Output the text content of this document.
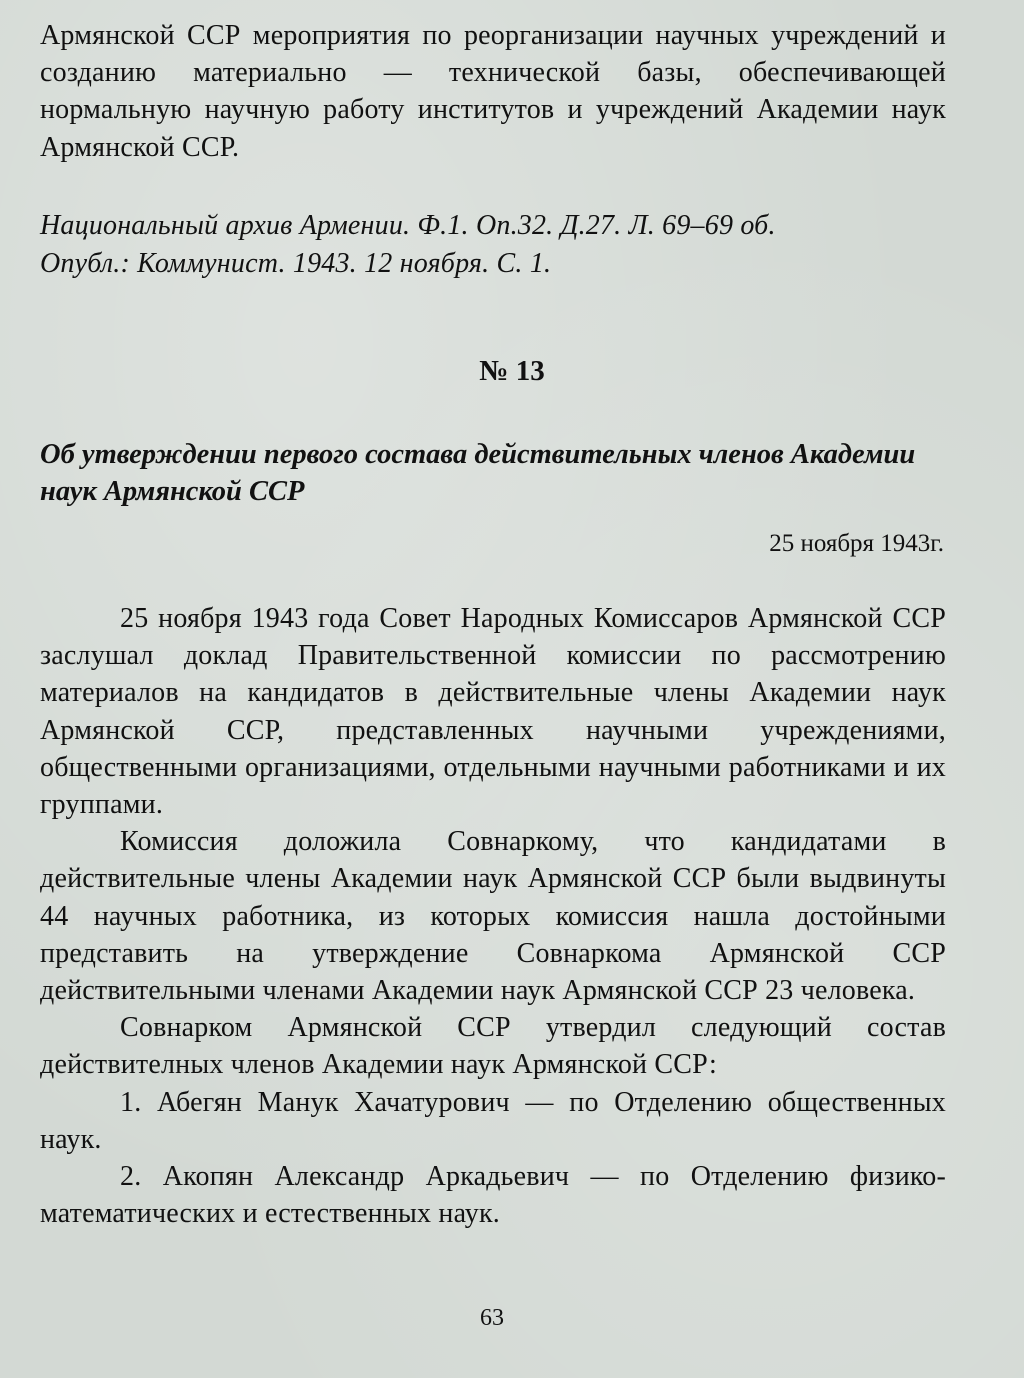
Армянской ССР мероприятия по реорганизации научных учреждений и созданию материально — технической базы, обеспечивающей нормальную научную работу институтов и учреждений Академии наук Армянской ССР.

Национальный архив Армении. Ф.1. Оп.32. Д.27. Л. 69–69 об.
Опубл.: Коммунист. 1943. 12 ноября. С. 1.
№ 13
Об утверждении первого состава действительных членов Академии наук Армянской ССР
25 ноября 1943г.

25 ноября 1943 года Совет Народных Комиссаров Армянской ССР заслушал доклад Правительственной комиссии по рассмотрению материалов на кандидатов в действительные члены Академии наук Армянской ССР, представленных научными учреждениями, общественными организациями, отдельными научными работниками и их группами.

Комиссия доложила Совнаркому, что кандидатами в действительные члены Академии наук Армянской ССР были выдвинуты 44 научных работника, из которых комиссия нашла достойными представить на утверждение Совнаркома Армянской ССР действительными членами Академии наук Армянской ССР 23 человека.

Совнарком Армянской ССР утвердил следующий состав действителных членов Академии наук Армянской ССР:

1. Абегян Манук Хачатурович — по Отделению общественных наук.

2. Акопян Александр Аркадьевич — по Отделению физико-математических и естественных наук.

63
